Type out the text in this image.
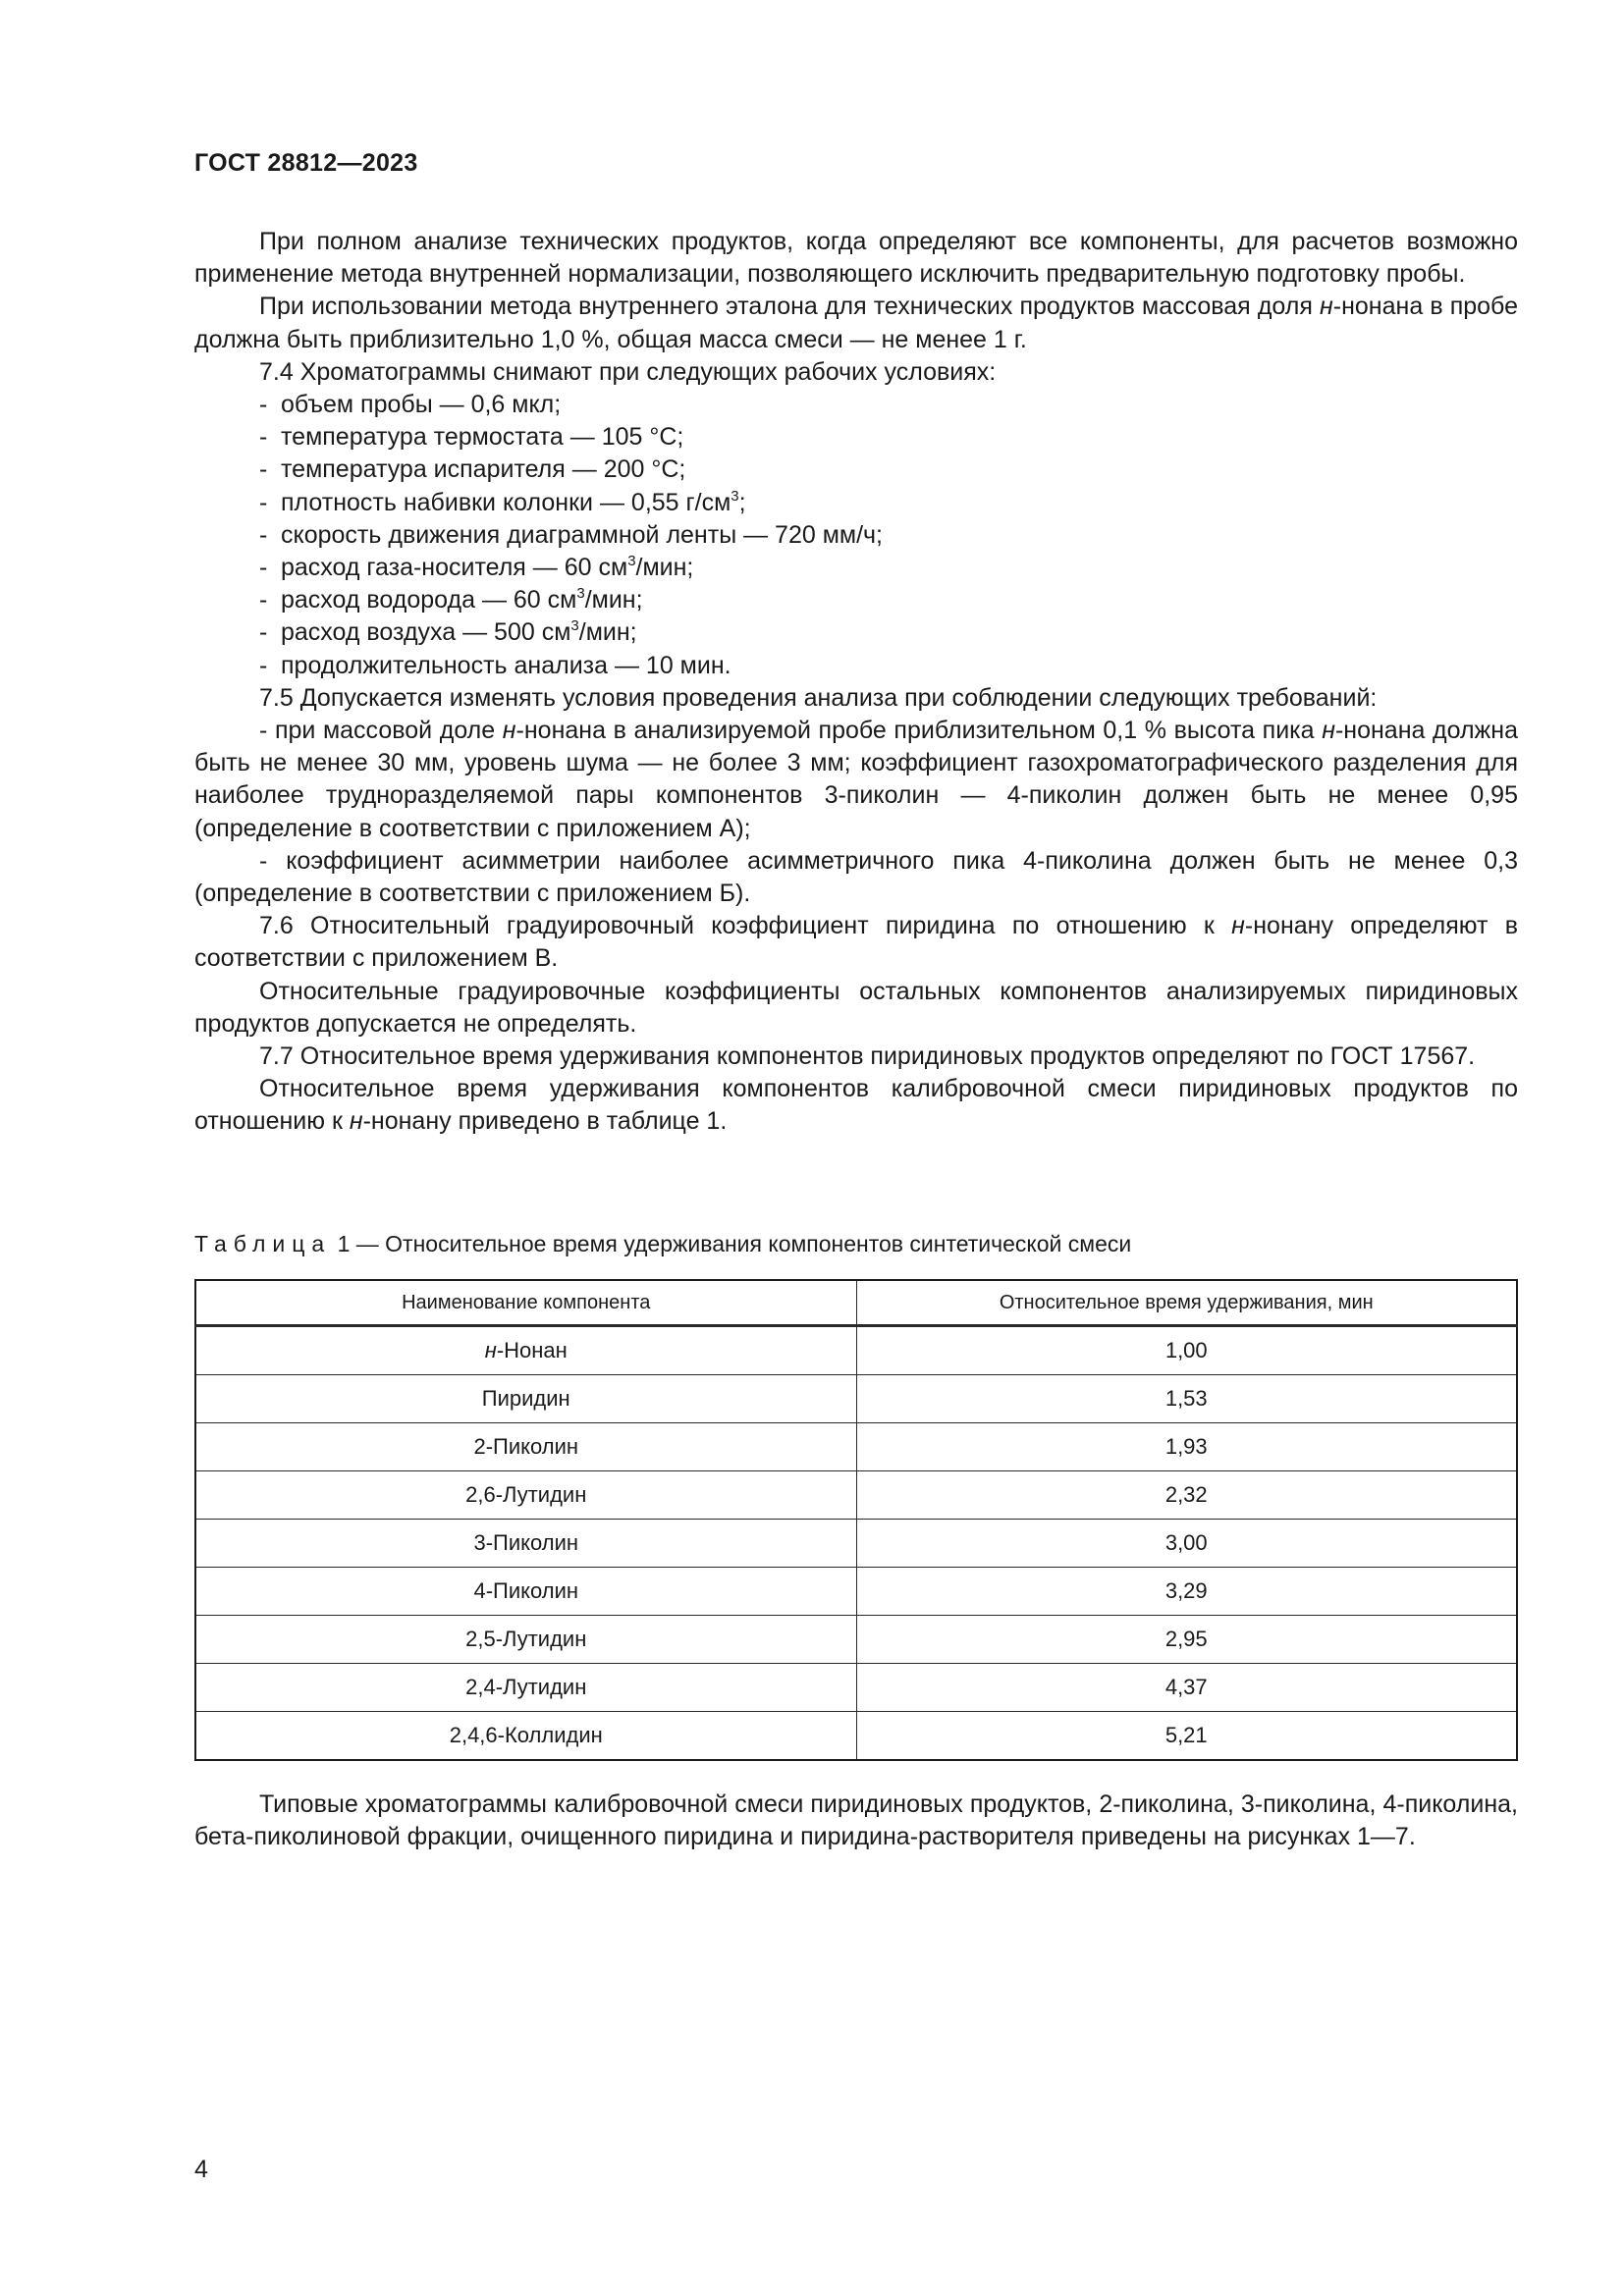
ГОСТ 28812—2023

При полном анализе технических продуктов, когда определяют все компоненты, для расчетов возможно применение метода внутренней нормализации, позволяющего исключить предварительную подготовку пробы.

При использовании метода внутреннего эталона для технических продуктов массовая доля н-нонана в пробе должна быть приблизительно 1,0 %, общая масса смеси — не менее 1 г.

7.4 Хроматограммы снимают при следующих рабочих условиях:

- объем пробы — 0,6 мкл;

- температура термостата — 105 °C;

- температура испарителя — 200 °C;

- плотность набивки колонки — 0,55 $г/см^3$;

- скорость движения диаграммной ленты — 720 мм/ч;

- расход газа-носителя — 60 $см^3$/мин;

- расход водорода — 60 $см^3$/мин;

- расход воздуха — 500 $см^3$/мин;

- продолжительность анализа — 10 мин.

7.5 Допускается изменять условия проведения анализа при соблюдении следующих требований:

- при массовой доле н-нонана в анализируемой пробе приблизительном 0,1 % высота пика н-нонана должна быть не менее 30 мм, уровень шума — не более 3 мм; коэффициент газохроматографического разделения для наиболее трудноразделяемой пары компонентов 3-пиколин — 4-пиколин должен быть не менее 0,95 (определение в соответствии с приложением А);

- коэффициент асимметрии наиболее асимметричного пика 4-пиколина должен быть не менее 0,3 (определение в соответствии с приложением Б).

7.6 Относительный градуировочный коэффициент пиридина по отношению к н-нонану определяют в соответствии с приложением В.

Относительные градуировочные коэффициенты остальных компонентов анализируемых пиридиновых продуктов допускается не определять.

7.7 Относительное время удерживания компонентов пиридиновых продуктов определяют по ГОСТ 17567.

Относительное время удерживания компонентов калибровочной смеси пиридиновых продуктов по отношению к н-нонану приведено в таблице 1.

Таблица 1 — Относительное время удерживания компонентов синтетической смеси
Наименование компонента	Относительное время удерживания, мин
н-Нонан	1,00
Пиридин	1,53
2-Пиколин	1,93
2,6-Лутидин	2,32
3-Пиколин	3,00
4-Пиколин	3,29
2,5-Лутидин	2,95
2,4-Лутидин	4,37
2,4,6-Коллидин	5,21

Типовые хроматограммы калибровочной смеси пиридиновых продуктов, 2-пиколина, 3-пиколина, 4-пиколина, бета-пиколиновой фракции, очищенного пиридина и пиридина-растворителя приведены на рисунках 1—7.

4
